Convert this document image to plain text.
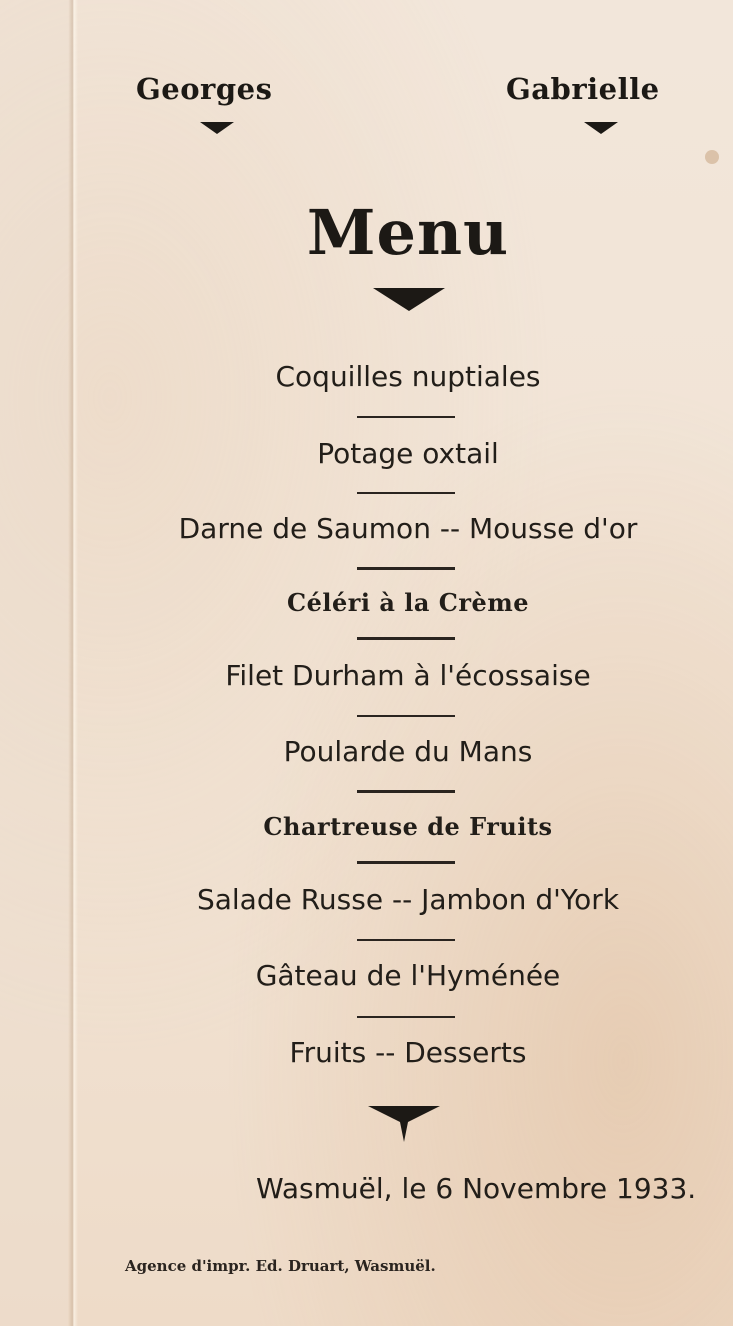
Georges	Gabrielle
Menu
Coquilles nuptiales
Potage oxtail
Darne de Saumon -- Mousse d'or
Céléri à la Crème
Filet Durham à l'écossaise
Poularde du Mans
Chartreuse de Fruits
Salade Russe -- Jambon d'York
Gâteau de l'Hyménée
Fruits -- Desserts
Wasmuël, le 6 Novembre 1933.
Agence d'impr. Ed. Druart, Wasmuël.
